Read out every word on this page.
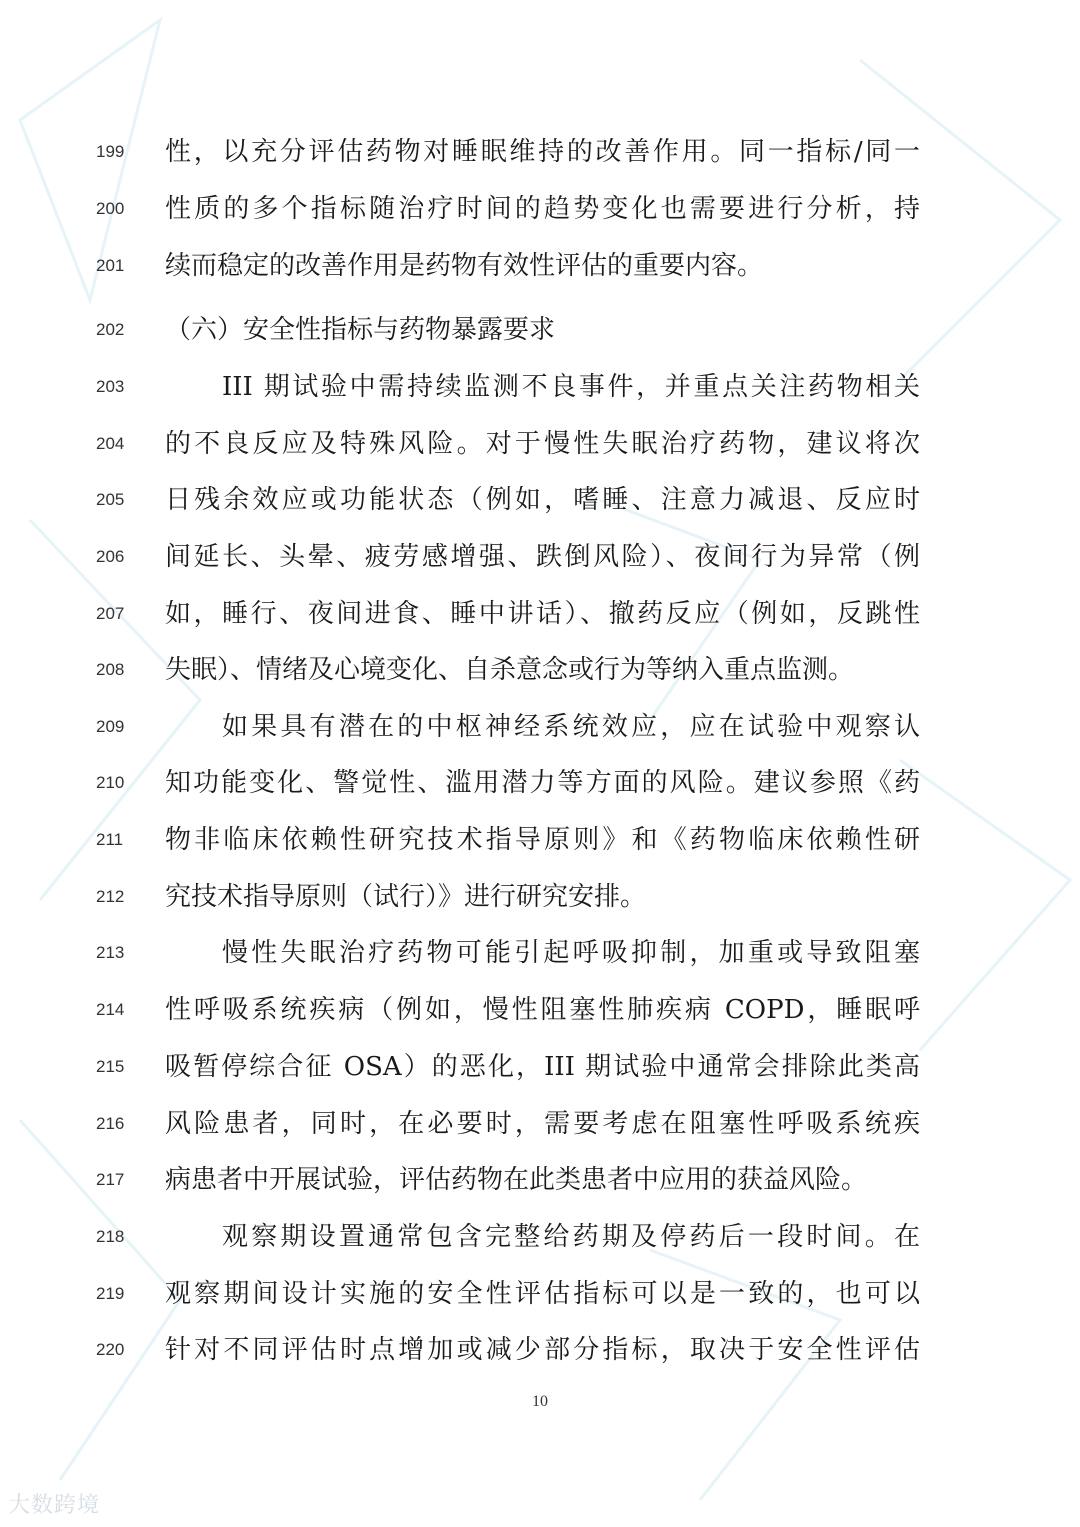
199	性，以充分评估药物对睡眠维持的改善作用。同一指标/同一
200	性质的多个指标随治疗时间的趋势变化也需要进行分析，持
201	续而稳定的改善作用是药物有效性评估的重要内容。
202	（六）安全性指标与药物暴露要求
203	III 期试验中需持续监测不良事件，并重点关注药物相关
204	的不良反应及特殊风险。对于慢性失眠治疗药物，建议将次
205	日残余效应或功能状态（例如，嗜睡、注意力减退、反应时
206	间延长、头晕、疲劳感增强、跌倒风险）、夜间行为异常（例
207	如，睡行、夜间进食、睡中讲话）、撤药反应（例如，反跳性
208	失眠）、情绪及心境变化、自杀意念或行为等纳入重点监测。
209	如果具有潜在的中枢神经系统效应，应在试验中观察认
210	知功能变化、警觉性、滥用潜力等方面的风险。建议参照《药
211	物非临床依赖性研究技术指导原则》和《药物临床依赖性研
212	究技术指导原则（试行）》进行研究安排。
213	慢性失眠治疗药物可能引起呼吸抑制，加重或导致阻塞
214	性呼吸系统疾病（例如，慢性阻塞性肺疾病 COPD，睡眠呼
215	吸暂停综合征 OSA）的恶化，III 期试验中通常会排除此类高
216	风险患者，同时，在必要时，需要考虑在阻塞性呼吸系统疾
217	病患者中开展试验，评估药物在此类患者中应用的获益风险。
218	观察期设置通常包含完整给药期及停药后一段时间。在
219	观察期间设计实施的安全性评估指标可以是一致的，也可以
220	针对不同评估时点增加或减少部分指标，取决于安全性评估
10
大数跨境
